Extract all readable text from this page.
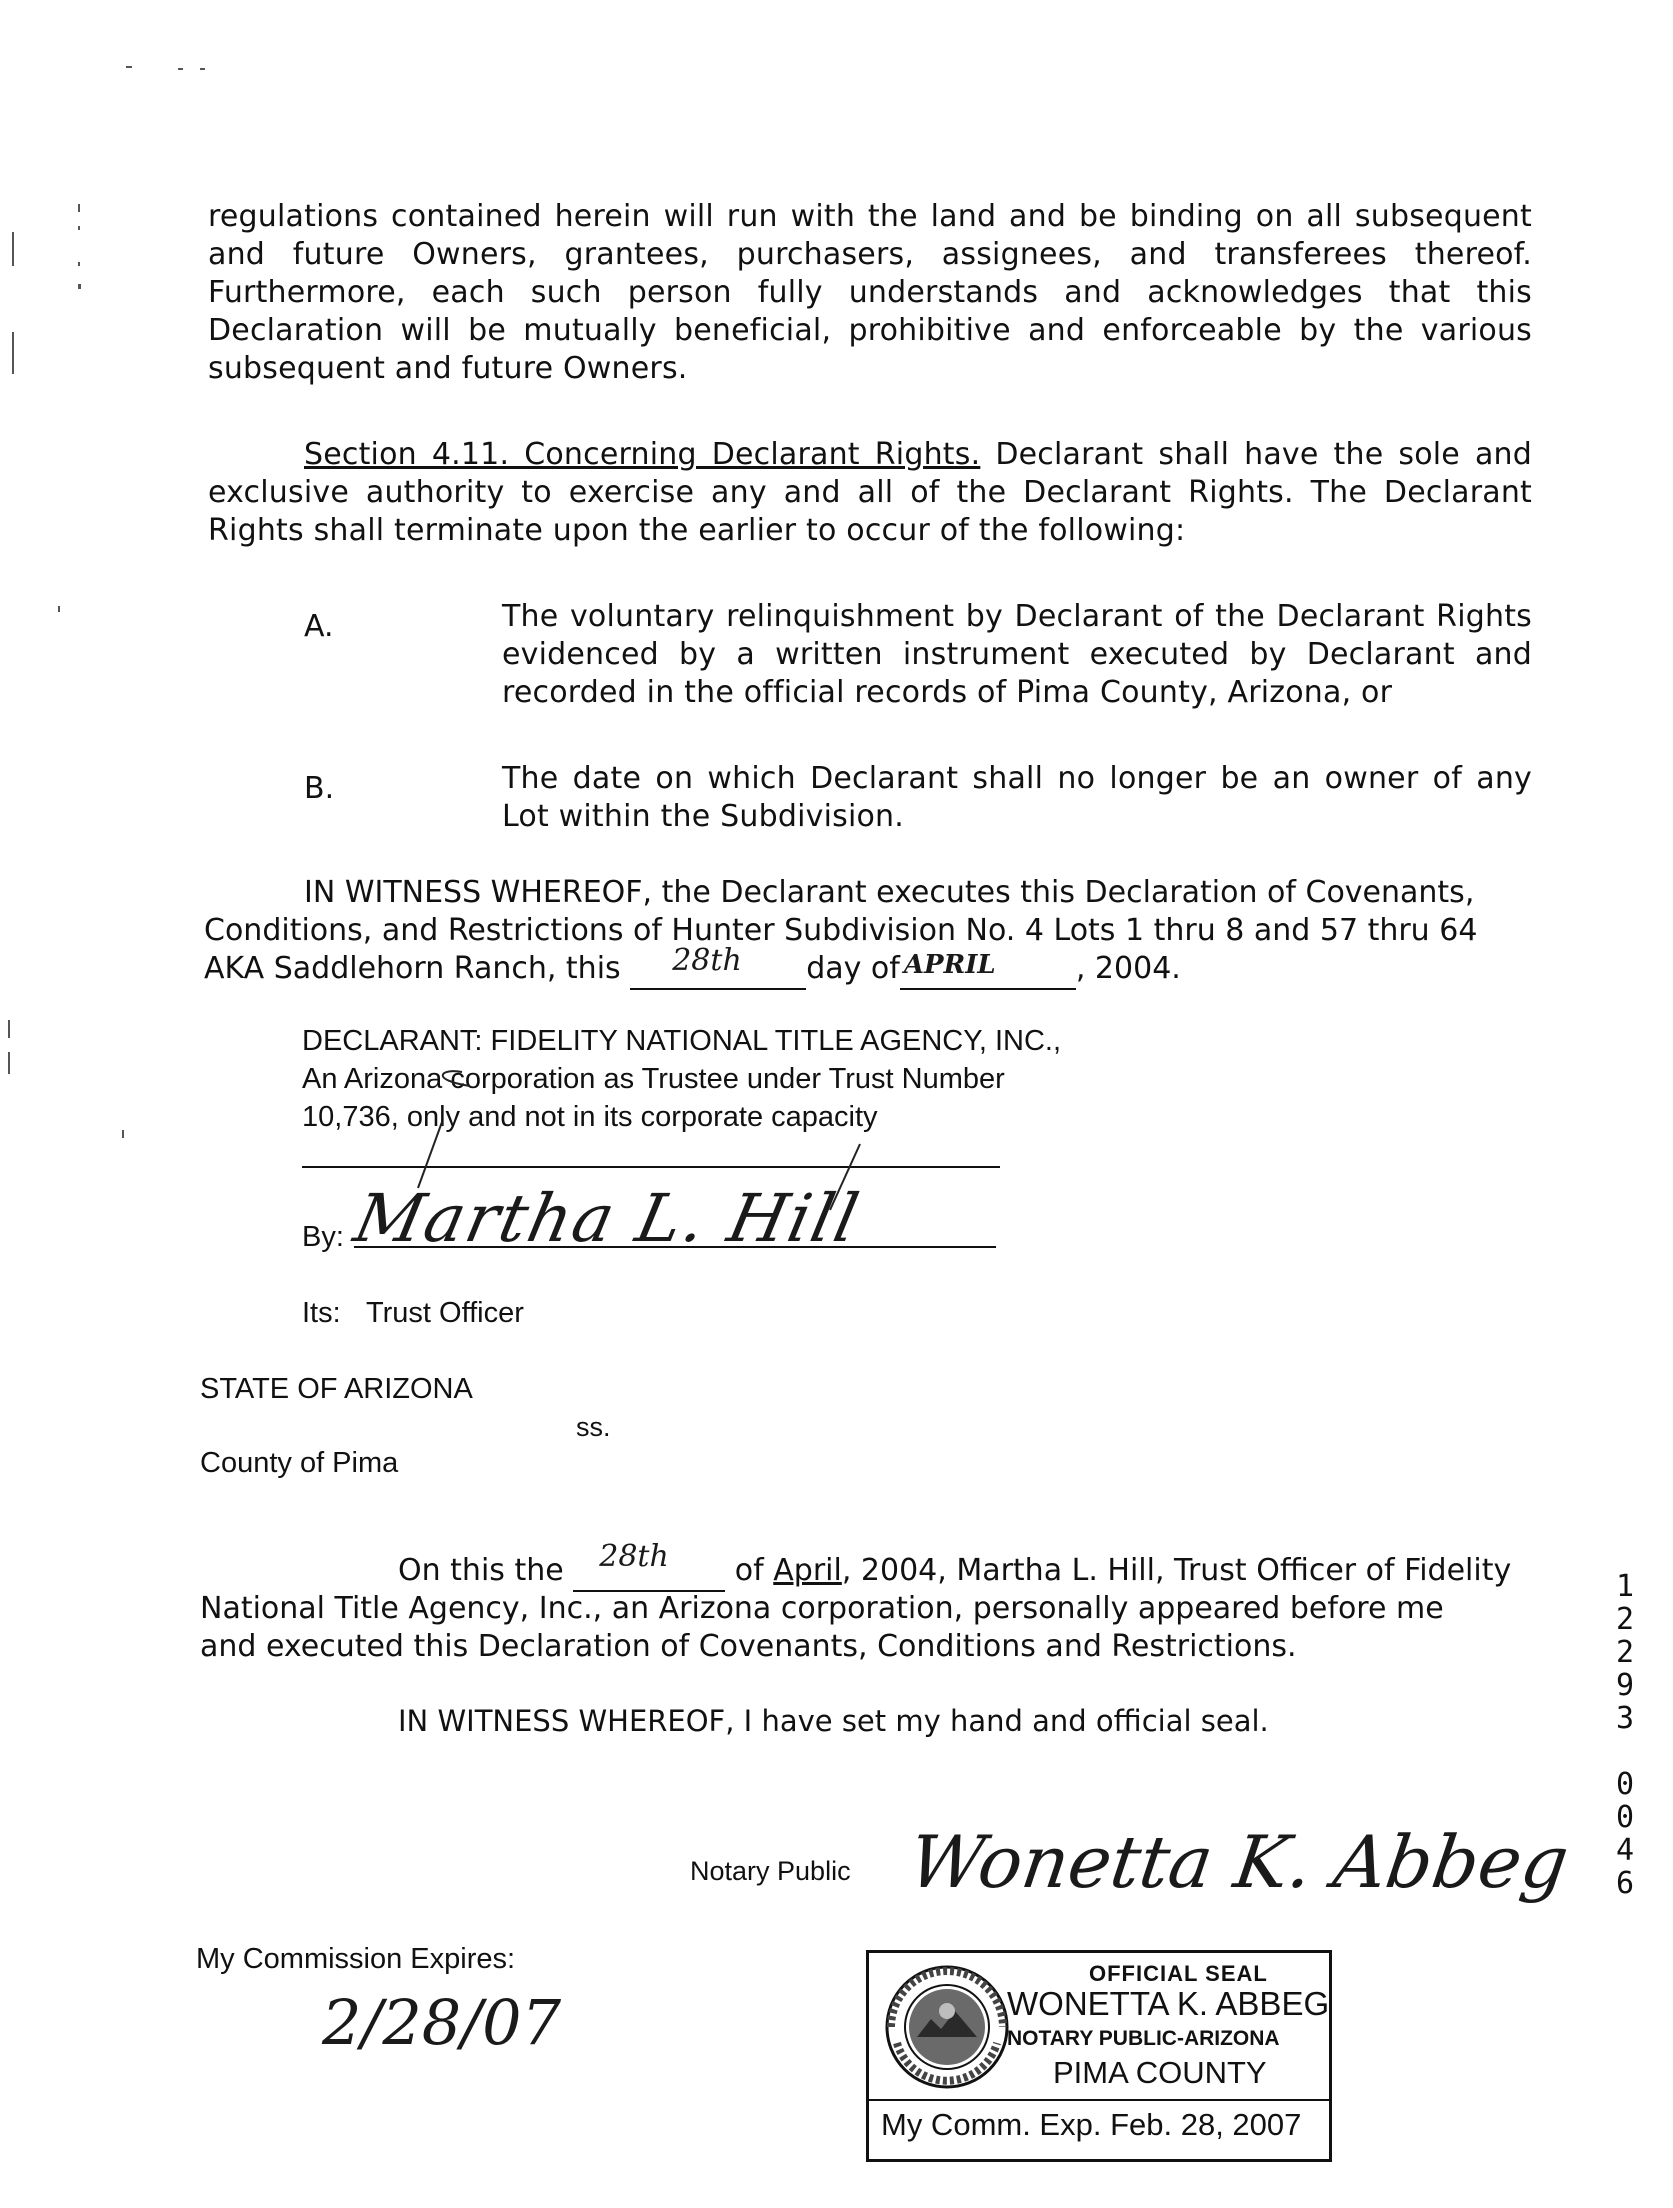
regulations contained herein will run with the land and be binding on all subsequent and future Owners, grantees, purchasers, assignees, and transferees thereof. Furthermore, each such person fully understands and acknowledges that this Declaration will be mutually beneficial, prohibitive and enforceable by the various subsequent and future Owners.
Section 4.11. Concerning Declarant Rights. Declarant shall have the sole and exclusive authority to exercise any and all of the Declarant Rights. The Declarant Rights shall terminate upon the earlier to occur of the following:
A.	The voluntary relinquishment by Declarant of the Declarant Rights evidenced by a written instrument executed by Declarant and recorded in the official records of Pima County, Arizona, or
B.	The date on which Declarant shall no longer be an owner of any Lot within the Subdivision.
IN WITNESS WHEREOF, the Declarant executes this Declaration of Covenants,
Conditions, and Restrictions of Hunter Subdivision No. 4 Lots 1 thru 8 and 57 thru 64
AKA Saddlehorn Ranch, this 28th day of APRIL	, 2004.
DECLARANT: FIDELITY NATIONAL TITLE AGENCY, INC.,
An Arizona corporation as Trustee under Trust Number
10,736, only and not in its corporate capacity
By: Martha L. Hill
Its: Trust Officer
STATE OF ARIZONA
ss.
County of Pima
On this the 28th of April, 2004, Martha L. Hill, Trust Officer of Fidelity
National Title Agency, Inc., an Arizona corporation, personally appeared before me
and executed this Declaration of Covenants, Conditions and Restrictions.
IN WITNESS WHEREOF, I have set my hand and official seal.
Notary Public Wonetta K. Abbeg
My Commission Expires:
2/28/07
OFFICIAL SEAL
WONETTA K. ABBEG
NOTARY PUBLIC-ARIZONA
PIMA COUNTY
My Comm. Exp. Feb. 28, 2007
1
2
2
9
3
0
0
4
6
